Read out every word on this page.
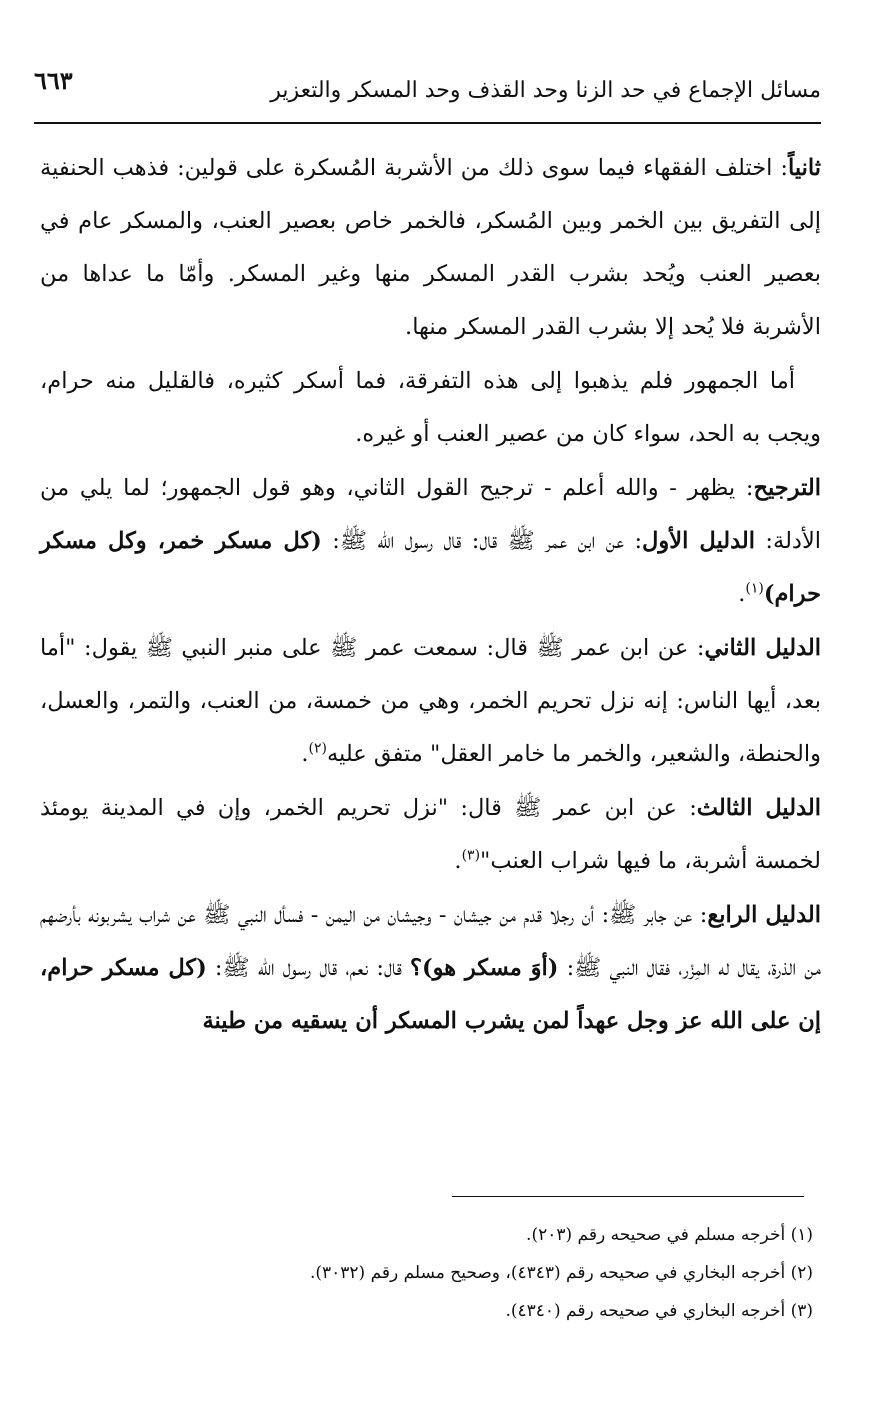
مسائل الإجماع في حد الزنا وحد القذف وحد المسكر والتعزير
٦٦٣

ثانياً: اختلف الفقهاء فيما سوى ذلك من الأشربة المُسكرة على قولين: فذهب الحنفية إلى التفريق بين الخمر وبين المُسكر، فالخمر خاص بعصير العنب، والمسكر عام في بعصير العنب ويُحد بشرب القدر المسكر منها وغير المسكر. وأمّا ما عداها من الأشربة فلا يُحد إلا بشرب القدر المسكر منها.

أما الجمهور فلم يذهبوا إلى هذه التفرقة، فما أسكر كثيره، فالقليل منه حرام، ويجب به الحد، سواء كان من عصير العنب أو غيره.

الترجيح: يظهر - والله أعلم - ترجيح القول الثاني، وهو قول الجمهور؛ لما يلي من الأدلة: الدليل الأول: عن ابن عمر ﷺ قال: قال رسول الله ﷺ: (كل مسكر خمر، وكل مسكر حرام)$^{(١)}$.

الدليل الثاني: عن ابن عمر ﷺ قال: سمعت عمر ﷺ على منبر النبي ﷺ يقول: "أما بعد، أيها الناس: إنه نزل تحريم الخمر، وهي من خمسة، من العنب، والتمر، والعسل، والحنطة، والشعير، والخمر ما خامر العقل" متفق عليه$^{(٢)}$.

الدليل الثالث: عن ابن عمر ﷺ قال: "نزل تحريم الخمر، وإن في المدينة يومئذ لخمسة أشربة، ما فيها شراب العنب"$^{(٣)}$.

الدليل الرابع: عن جابر ﷺ: أن رجلا قدم من جيشان - وجيشان من اليمن - فسأل النبي ﷺ عن شراب يشربونه بأرضهم من الذرة، يقال له المِزْر، فقال النبي ﷺ: (أوَ مسكر هو)؟ قال: نعم، قال رسول الله ﷺ: (كل مسكر حرام، إن على الله عز وجل عهداً لمن يشرب المسكر أن يسقيه من طينة

(١) أخرجه مسلم في صحيحه رقم (٢٠٣).

(٢) أخرجه البخاري في صحيحه رقم (٤٣٤٣)، وصحيح مسلم رقم (٣٠٣٢).

(٣) أخرجه البخاري في صحيحه رقم (٤٣٤٠).
